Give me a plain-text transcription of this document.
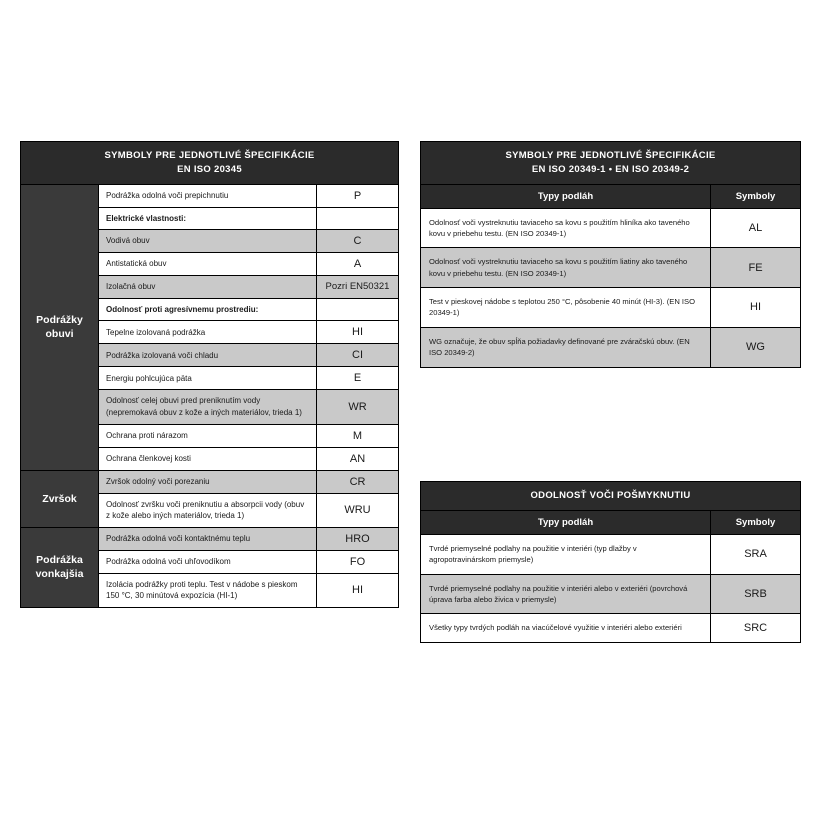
SYMBOLY PRE JEDNOTLIVÉ ŠPECIFIKÁCIE
EN ISO 20345		

Podrážky
obuvi	Podrážka odolná voči prepichnutiu	P
	Elektrické vlastnosti:	
	Vodivá obuv	C
	Antistatická obuv	A
	Izolačná obuv	Pozri EN50321
	Odolnosť proti agresívnemu prostrediu:	
	Tepelne izolovaná podrážka	HI
	Podrážka izolovaná voči chladu	CI
	Energiu pohlcujúca päta	E
	Odolnosť celej obuvi pred preniknutím vody (nepremokavá obuv z kože a iných materiálov, trieda 1)	WR
	Ochrana proti nárazom	M
	Ochrana členkovej kosti	AN
Zvršok	Zvršok odolný voči porezaniu	CR
	Odolnosť zvršku voči preniknutiu a absorpcii vody (obuv z kože alebo iných materiálov, trieda 1)	WRU
Podrážka
vonkajšia	Podrážka odolná voči kontaktnému teplu	HRO
	Podrážka odolná voči uhľovodíkom	FO
	Izolácia podrážky proti teplu. Test v nádobe s pieskom 150 °C, 30 minútová expozícia (HI-1)	HI
SYMBOLY PRE JEDNOTLIVÉ ŠPECIFIKÁCIE
EN ISO 20349-1 • EN ISO 20349-2	

Typy podláh	Symboly
Odolnosť voči vystreknutiu taviaceho sa kovu s použitím hliníka ako taveného kovu v priebehu testu. (EN ISO 20349-1)	AL
Odolnosť voči vystreknutiu taviaceho sa kovu s použitím liatiny ako taveného kovu v priebehu testu. (EN ISO 20349-1)	FE
Test v pieskovej nádobe s teplotou 250 °C, pôsobenie 40 minút (HI-3). (EN ISO 20349-1)	HI
WG označuje, že obuv spĺňa požiadavky definované pre zváračskú obuv. (EN ISO 20349-2)	WG
ODOLNOSŤ VOČI POŠMYKNUTIU	
Typy podláh	Symboly
Tvrdé priemyselné podlahy na použitie v interiéri (typ dlažby v agropotravinárskom priemysle)	SRA
Tvrdé priemyselné podlahy na použitie v interiéri alebo v exteriéri (povrchová úprava farba alebo živica v priemysle)	SRB
Všetky typy tvrdých podláh na viacúčelové využitie v interiéri alebo exteriéri	SRC
